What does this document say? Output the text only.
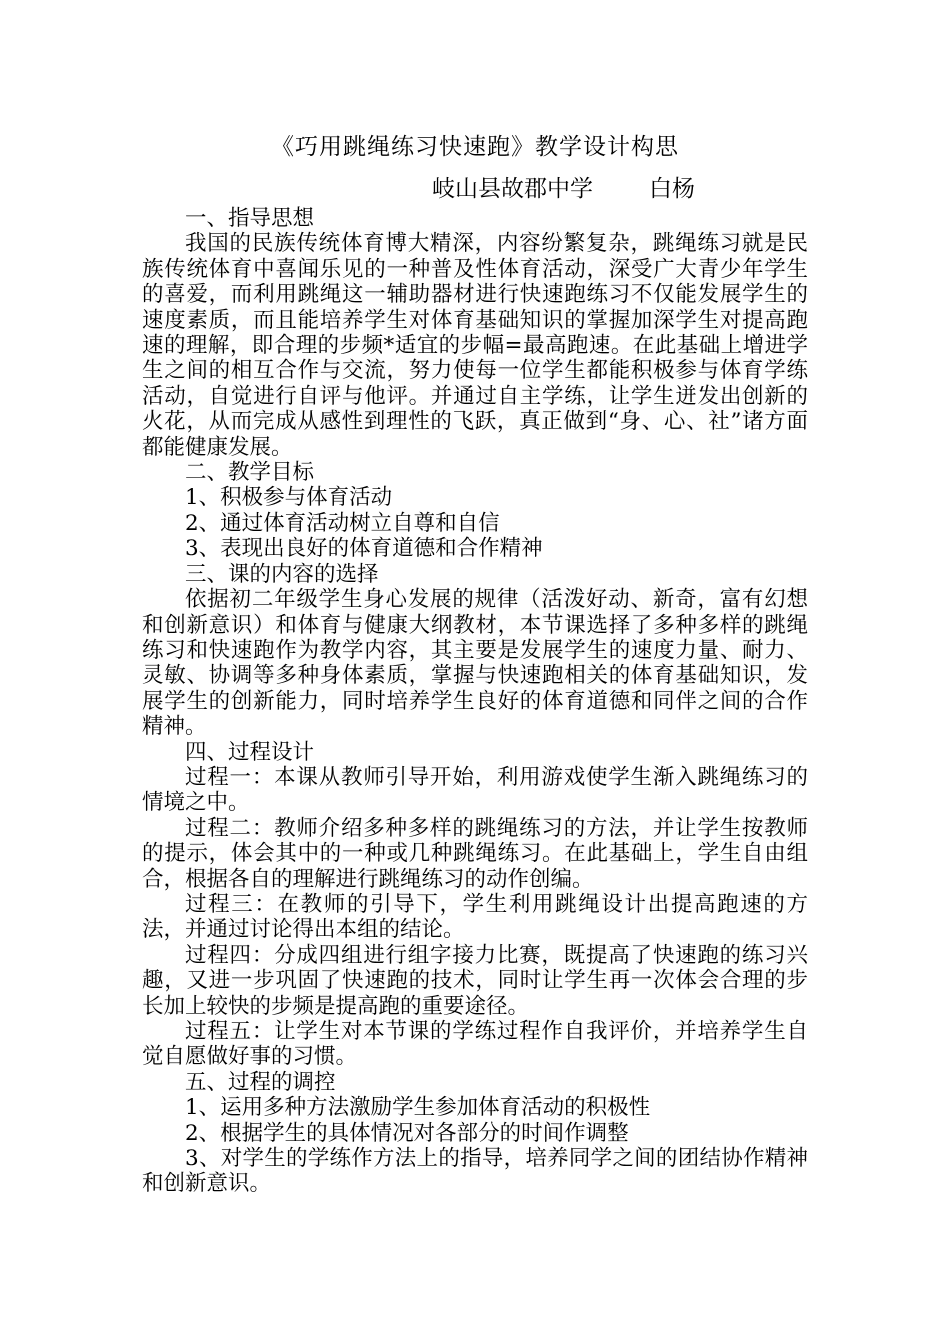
《巧用跳绳练习快速跑》教学设计构思
岐山县故郡中学 白杨

一、指导思想

我国的民族传统体育博大精深，内容纷繁复杂，跳绳练习就是民族传统体育中喜闻乐见的一种普及性体育活动，深受广大青少年学生的喜爱，而利用跳绳这一辅助器材进行快速跑练习不仅能发展学生的速度素质，而且能培养学生对体育基础知识的掌握加深学生对提高跑速的理解，即合理的步频*适宜的步幅=最高跑速。在此基础上增进学生之间的相互合作与交流，努力使每一位学生都能积极参与体育学练活动，自觉进行自评与他评。并通过自主学练，让学生迸发出创新的火花，从而完成从感性到理性的飞跃，真正做到“身、心、社”诸方面都能健康发展。

二、教学目标

1、积极参与体育活动

2、通过体育活动树立自尊和自信

3、表现出良好的体育道德和合作精神

三、课的内容的选择

依据初二年级学生身心发展的规律（活泼好动、新奇，富有幻想和创新意识）和体育与健康大纲教材，本节课选择了多种多样的跳绳练习和快速跑作为教学内容，其主要是发展学生的速度力量、耐力、灵敏、协调等多种身体素质，掌握与快速跑相关的体育基础知识，发展学生的创新能力，同时培养学生良好的体育道德和同伴之间的合作精神。

四、过程设计

过程一：本课从教师引导开始，利用游戏使学生渐入跳绳练习的情境之中。

过程二：教师介绍多种多样的跳绳练习的方法，并让学生按教师的提示，体会其中的一种或几种跳绳练习。在此基础上，学生自由组合，根据各自的理解进行跳绳练习的动作创编。

过程三：在教师的引导下，学生利用跳绳设计出提高跑速的方法，并通过讨论得出本组的结论。

过程四：分成四组进行组字接力比赛，既提高了快速跑的练习兴趣，又进一步巩固了快速跑的技术，同时让学生再一次体会合理的步长加上较快的步频是提高跑的重要途径。

过程五：让学生对本节课的学练过程作自我评价，并培养学生自觉自愿做好事的习惯。

五、过程的调控

1、运用多种方法激励学生参加体育活动的积极性

2、根据学生的具体情况对各部分的时间作调整

3、对学生的学练作方法上的指导，培养同学之间的团结协作精神和创新意识。
